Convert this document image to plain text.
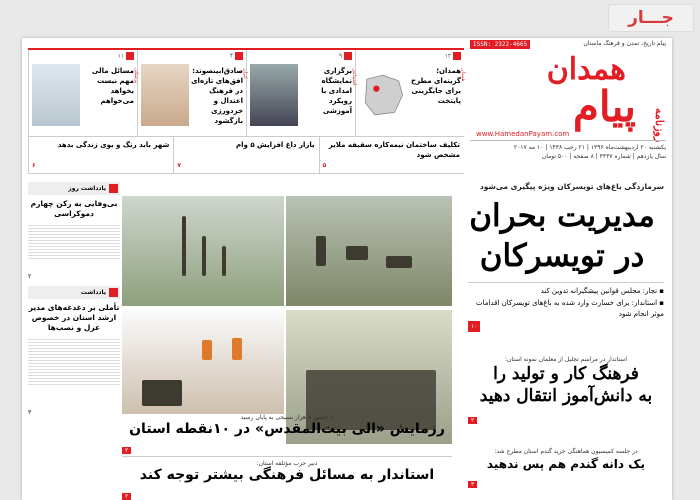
جـــار
پیام تاریخ، تمدن و فرهنگ ماستان
ISSN: 2322-4665
همدان
پیام روزنامه
www.HamedanPayam.com
یکشنبه ۲۰ اردیبهشت‌ماه ۱۳۹۶ | ۲۱ رجب ۱۴۳۸ | ۱۰ مه ۲۰۱۷
سال یازدهم | شماره ۳۳۳۷ | ۸ صفحه | ۵۰۰ تومان
۱۲
همدان
همدان؛ گزینه‌ای مطرح برای جایگزینی پایتخت
۹
اجتماعی
برگزاری نمایشگاه امدادی با رویکرد آموزشی
۴
ایران
صادق‌ابینصوند: افق‌های تازه‌ای در فرهنگ اعتدال و خردورزی بازگشود
۱۱
پزشکی
مسائل مالی مهم نیست بخواهد می‌خواهم
تکلیف ساختمان نیمه‌کاره سقیفه ملایر مشخص شود
۵
بازار داغ افزایش ۵ وام
۷
شهر باید رنگ و بوی زندگی بدهد
۶
سرمازدگی باغ‌های تویسرکان ویژه پیگیری می‌شود
مدیریت بحران
در تویسرکان
▪ نجار: مجلس قوانین پیشگیرانه تدوین کند
▪ استاندار: برای خسارت وارد شده به باغ‌های تویسرکان اقدامات موثر انجام شود
۱۰
استاندار در مراسم تجلیل از معلمان نمونه استان:
فرهنگ کار و تولید را
به دانش‌آموز انتقال دهید
۲
در جلسه کمیسیون هماهنگی خرید گندم استان مطرح شد:
یک دانه گندم هم پس ندهید
۳
با حضور ۷ هزار بسیجی به پایان رسید
رزمایش «الی بیت‌المقدس» در ۱۰نقطه استان
۲
دبیر حزب مؤتلفه استان:
استاندار به مسائل فرهنگی بیشتر توجه کند
۲
یادداشت روز
بی‌وفایی به رکن چهارم دموکراسی
۲
یادداشت
تأملی بر دغدغه‌های مدیر ارشد استان در خصوص عزل و نصب‌ها
۳
